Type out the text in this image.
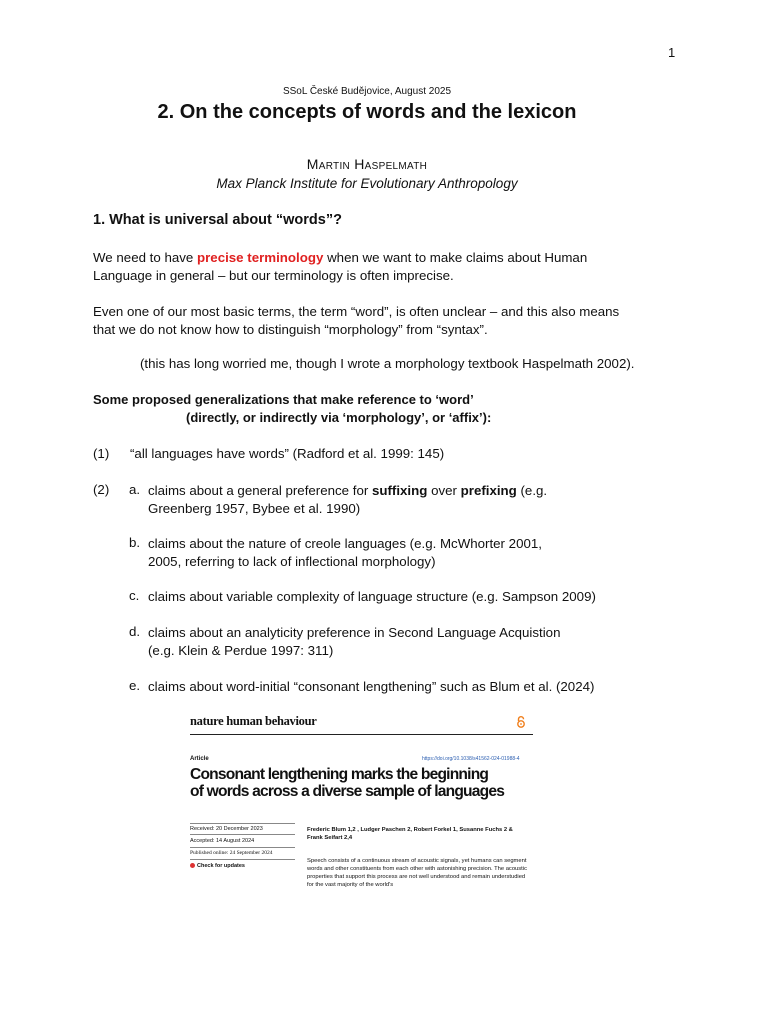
1
SSoL České Budějovice, August 2025
2. On the concepts of words and the lexicon
Martin Haspelmath
Max Planck Institute for Evolutionary Anthropology
1. What is universal about “words”?
We need to have precise terminology when we want to make claims about Human
Language in general – but our terminology is often imprecise.
Even one of our most basic terms, the term “word”, is often unclear – and this also means
that we do not know how to distinguish “morphology” from “syntax”.
(this has long worried me, though I wrote a morphology textbook Haspelmath 2002).
Some proposed generalizations that make reference to ‘word’
(directly, or indirectly via ‘morphology’, or ‘affix’):
(1) “all languages have words” (Radford et al. 1999: 145)
(2) a. claims about a general preference for suffixing over prefixing (e.g.
Greenberg 1957, Bybee et al. 1990)
b. claims about the nature of creole languages (e.g. McWhorter 2001,
2005, referring to lack of inflectional morphology)
c. claims about variable complexity of language structure (e.g. Sampson 2009)
d. claims about an analyticity preference in Second Language Acquistion
(e.g. Klein & Perdue 1997: 311)
e. claims about word-initial “consonant lengthening” such as Blum et al. (2024)
nature human behaviour
Article	https://doi.org/10.1038/s41562-024-01988-4
Consonant lengthening marks the beginning
of words across a diverse sample of languages
Received: 20 December 2023
Accepted: 14 August 2024
Published online: 24 September 2024
Check for updates
Frederic Blum 1,2 , Ludger Paschen 2, Robert Forkel 1, Susanne Fuchs 2 &
Frank Seifart 2,4
Speech consists of a continuous stream of acoustic signals, yet humans can segment words and other constituents from each other with astonishing precision. The acoustic properties that support this process are not well understood and remain understudied for the vast majority of the world's
